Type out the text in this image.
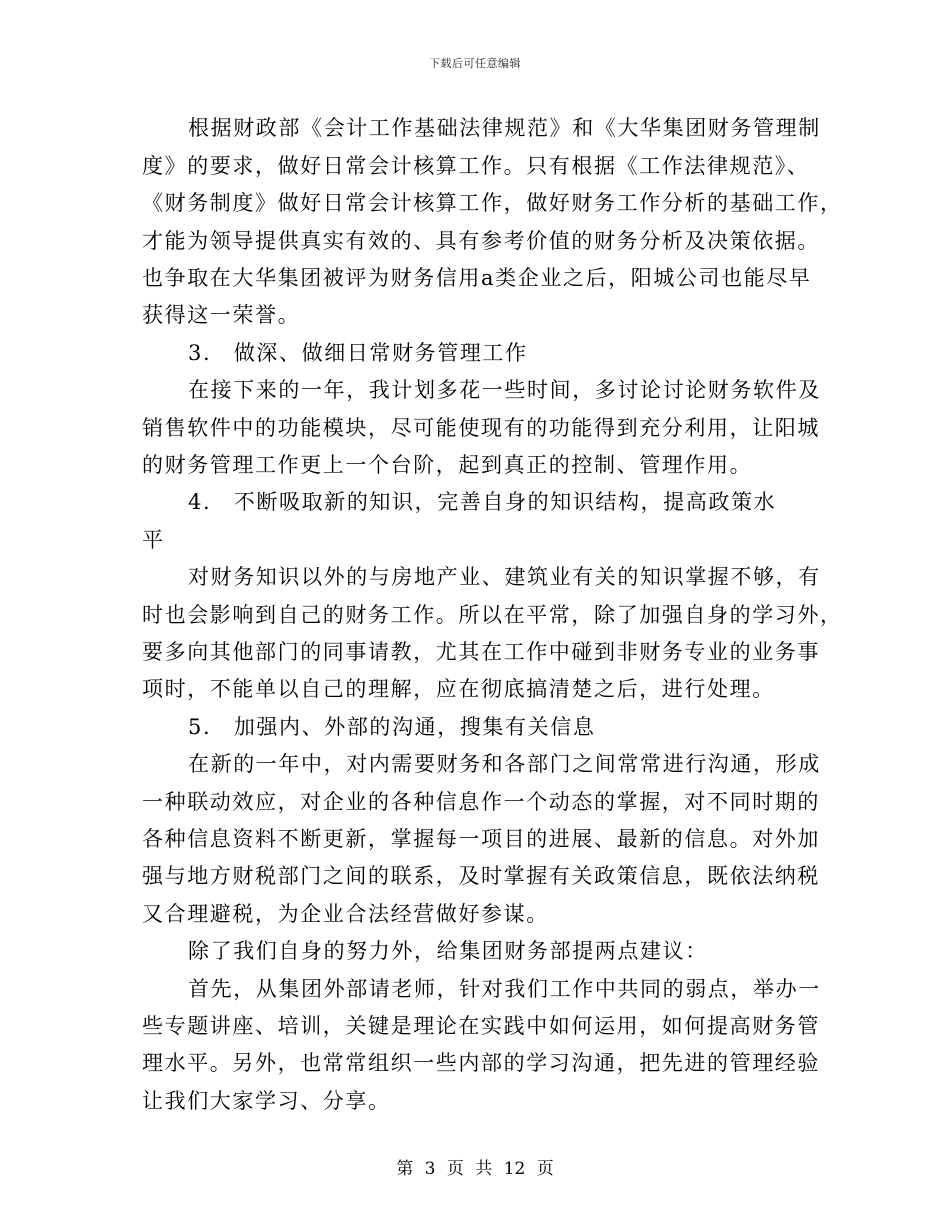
下载后可任意编辑
根据财政部《会计工作基础法律规范》和《大华集团财务管理制
度》的要求，做好日常会计核算工作。只有根据《工作法律规范》、
《财务制度》做好日常会计核算工作，做好财务工作分析的基础工作，
才能为领导提供真实有效的、具有参考价值的财务分析及决策依据。
也争取在大华集团被评为财务信用a类企业之后，阳城公司也能尽早
获得这一荣誉。
3.　做深、做细日常财务管理工作
在接下来的一年，我计划多花一些时间，多讨论讨论财务软件及
销售软件中的功能模块，尽可能使现有的功能得到充分利用，让阳城
的财务管理工作更上一个台阶，起到真正的控制、管理作用。
4.　不断吸取新的知识，完善自身的知识结构，提高政策水
平
对财务知识以外的与房地产业、建筑业有关的知识掌握不够，有
时也会影响到自己的财务工作。所以在平常，除了加强自身的学习外，
要多向其他部门的同事请教，尤其在工作中碰到非财务专业的业务事
项时，不能单以自己的理解，应在彻底搞清楚之后，进行处理。
5.　加强内、外部的沟通，搜集有关信息
在新的一年中，对内需要财务和各部门之间常常进行沟通，形成
一种联动效应，对企业的各种信息作一个动态的掌握，对不同时期的
各种信息资料不断更新，掌握每一项目的进展、最新的信息。对外加
强与地方财税部门之间的联系，及时掌握有关政策信息，既依法纳税
又合理避税，为企业合法经营做好参谋。
除了我们自身的努力外，给集团财务部提两点建议：
首先，从集团外部请老师，针对我们工作中共同的弱点，举办一
些专题讲座、培训，关键是理论在实践中如何运用，如何提高财务管
理水平。另外，也常常组织一些内部的学习沟通，把先进的管理经验
让我们大家学习、分享。
第 3 页 共 12 页
